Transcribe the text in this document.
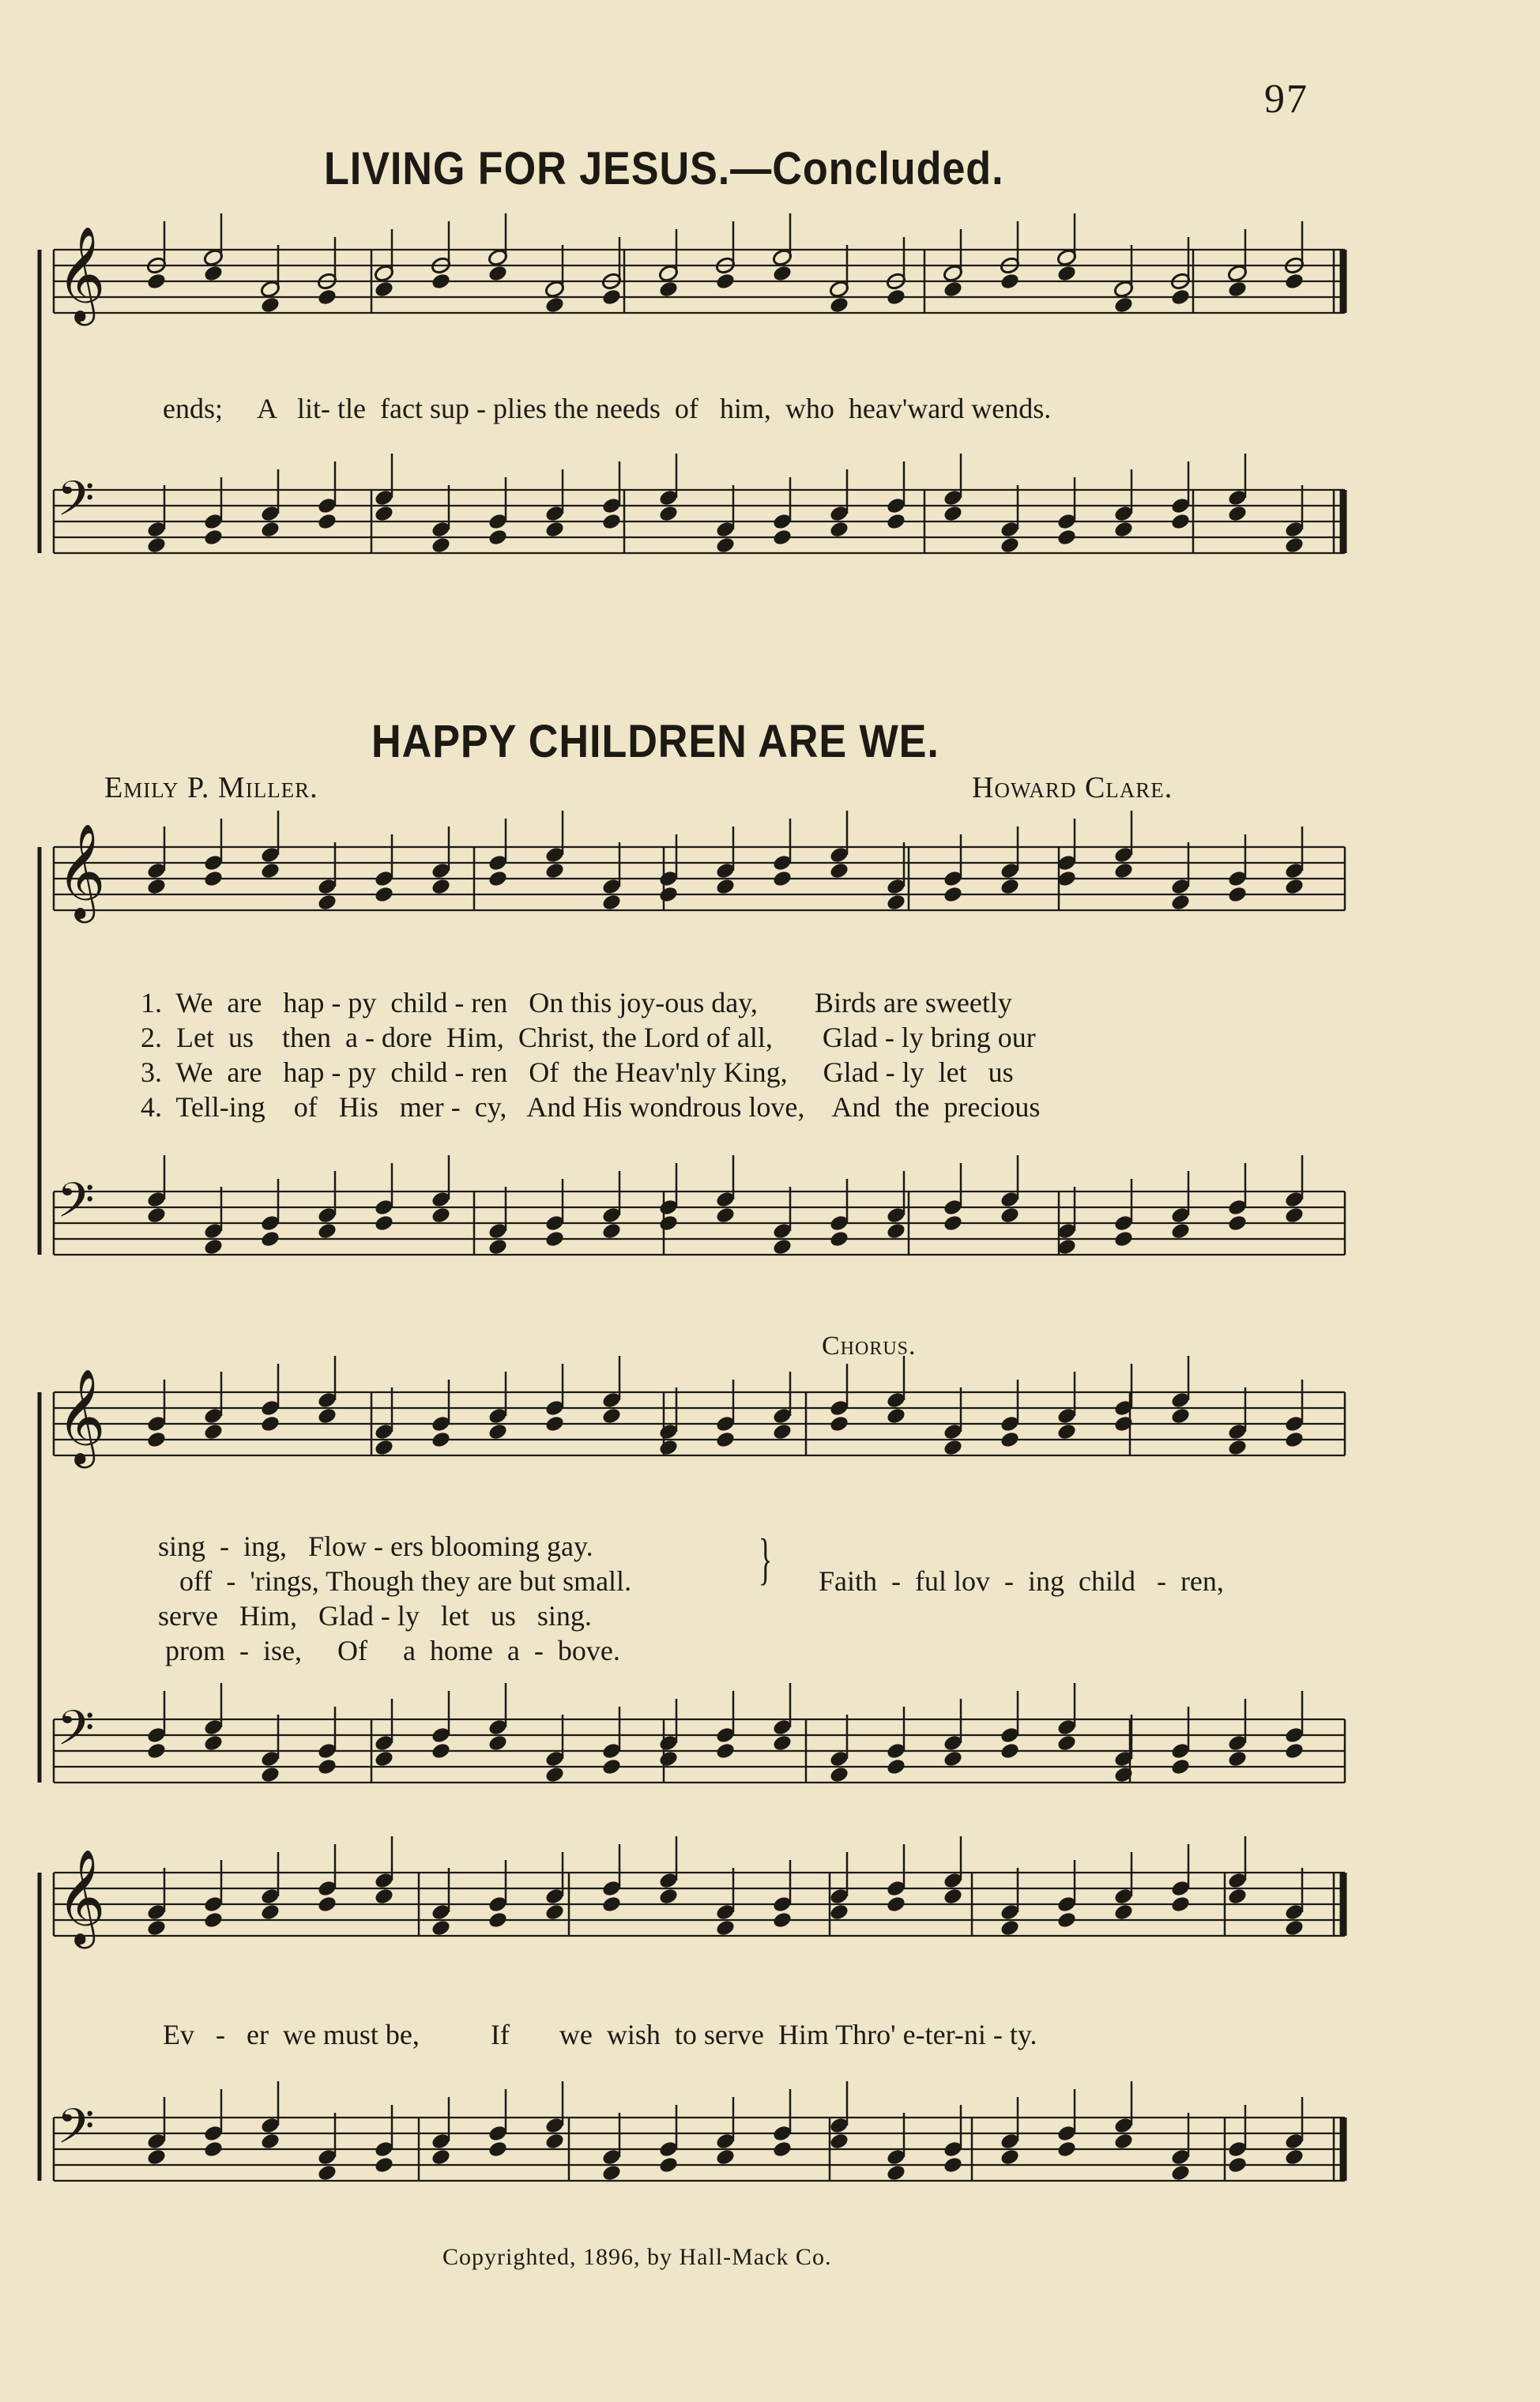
97
LIVING FOR JESUS.—Concluded.
𝄞
𝄢
𝄞
𝄢
𝄞
𝄢
𝄞
𝄢
ends;     A   lit- tle  fact sup - plies the needs  of   him,  who  heav'ward wends.
HAPPY CHILDREN ARE WE.
Emily P. Miller.	Howard Clare.
1.  We  are   hap - py  child - ren   On this joy-ous day,        Birds are sweetly
2.  Let  us    then  a - dore  Him,  Christ, the Lord of all,       Glad - ly bring our
3.  We  are   hap - py  child - ren   Of  the Heav'nly King,     Glad - ly  let   us
4.  Tell-ing    of   His   mer -  cy,   And His wondrous love,    And  the  precious
Chorus.
sing  -  ing,   Flow - ers blooming gay.
off  -  'rings, Though they are but small.
serve   Him,   Glad - ly   let   us   sing.
prom  -  ise,     Of     a  home  a  -  bove.
} Faith  -  ful lov  -  ing  child   -  ren,
Ev   -   er  we must be,          If       we  wish  to serve  Him Thro' e-ter-ni - ty.
Copyrighted, 1896, by Hall-Mack Co.
